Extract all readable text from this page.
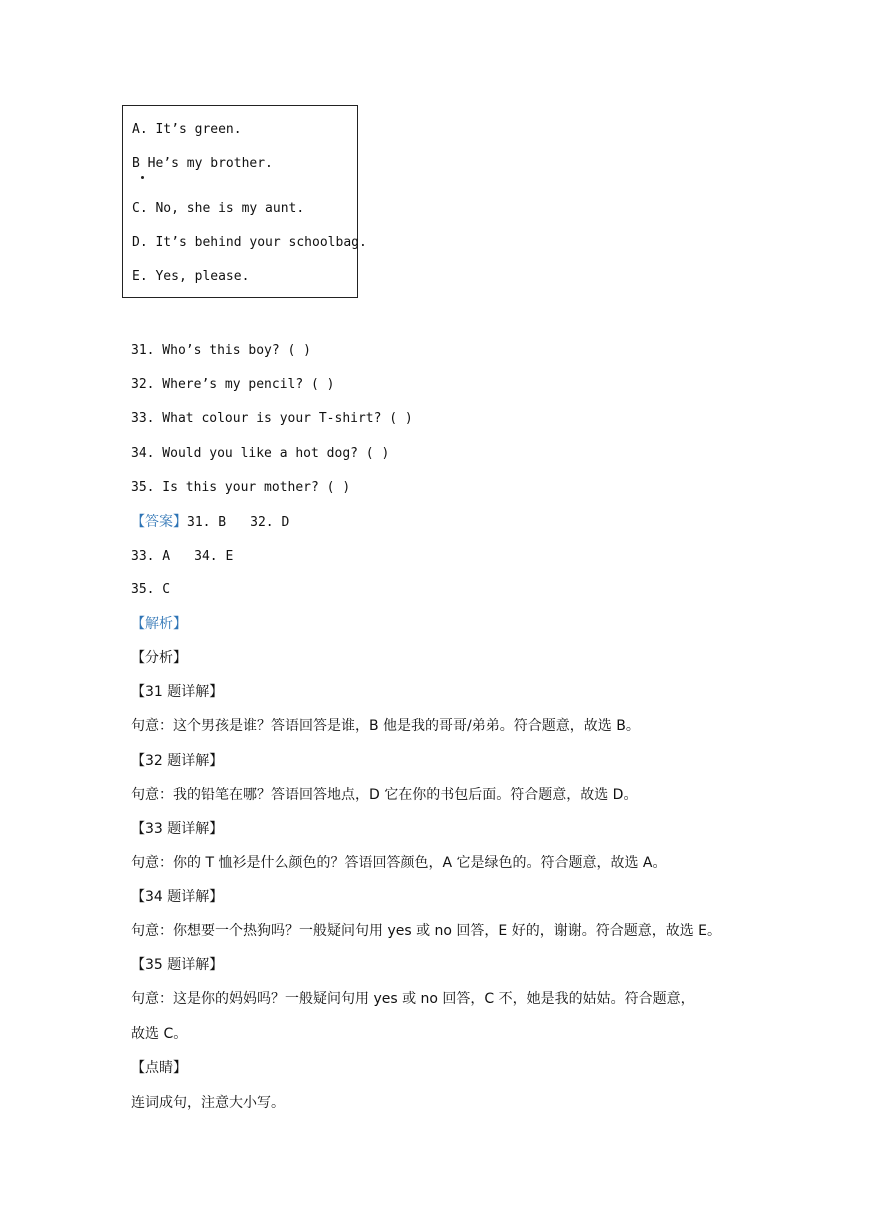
A. It’s green.
B He’s my brother.
C. No, she is my aunt.
D. It’s behind your schoolbag.
E. Yes, please.
31. Who’s this boy? ( )
32. Where’s my pencil? ( )
33. What colour is your T-shirt? ( )
34. Would you like a hot dog? ( )
35. Is this your mother? ( )
【答案】31. B 32. D
33. A 34. E
35. C
【解析】
【分析】
【31 题详解】
句意：这个男孩是谁？答语回答是谁，B 他是我的哥哥/弟弟。符合题意，故选 B。
【32 题详解】
句意：我的铅笔在哪？答语回答地点，D 它在你的书包后面。符合题意，故选 D。
【33 题详解】
句意：你的 T 恤衫是什么颜色的？答语回答颜色，A 它是绿色的。符合题意，故选 A。
【34 题详解】
句意：你想要一个热狗吗？一般疑问句用 yes 或 no 回答，E 好的，谢谢。符合题意，故选 E。
【35 题详解】
句意：这是你的妈妈吗？一般疑问句用 yes 或 no 回答，C 不，她是我的姑姑。符合题意，
故选 C。
【点睛】
连词成句，注意大小写。
